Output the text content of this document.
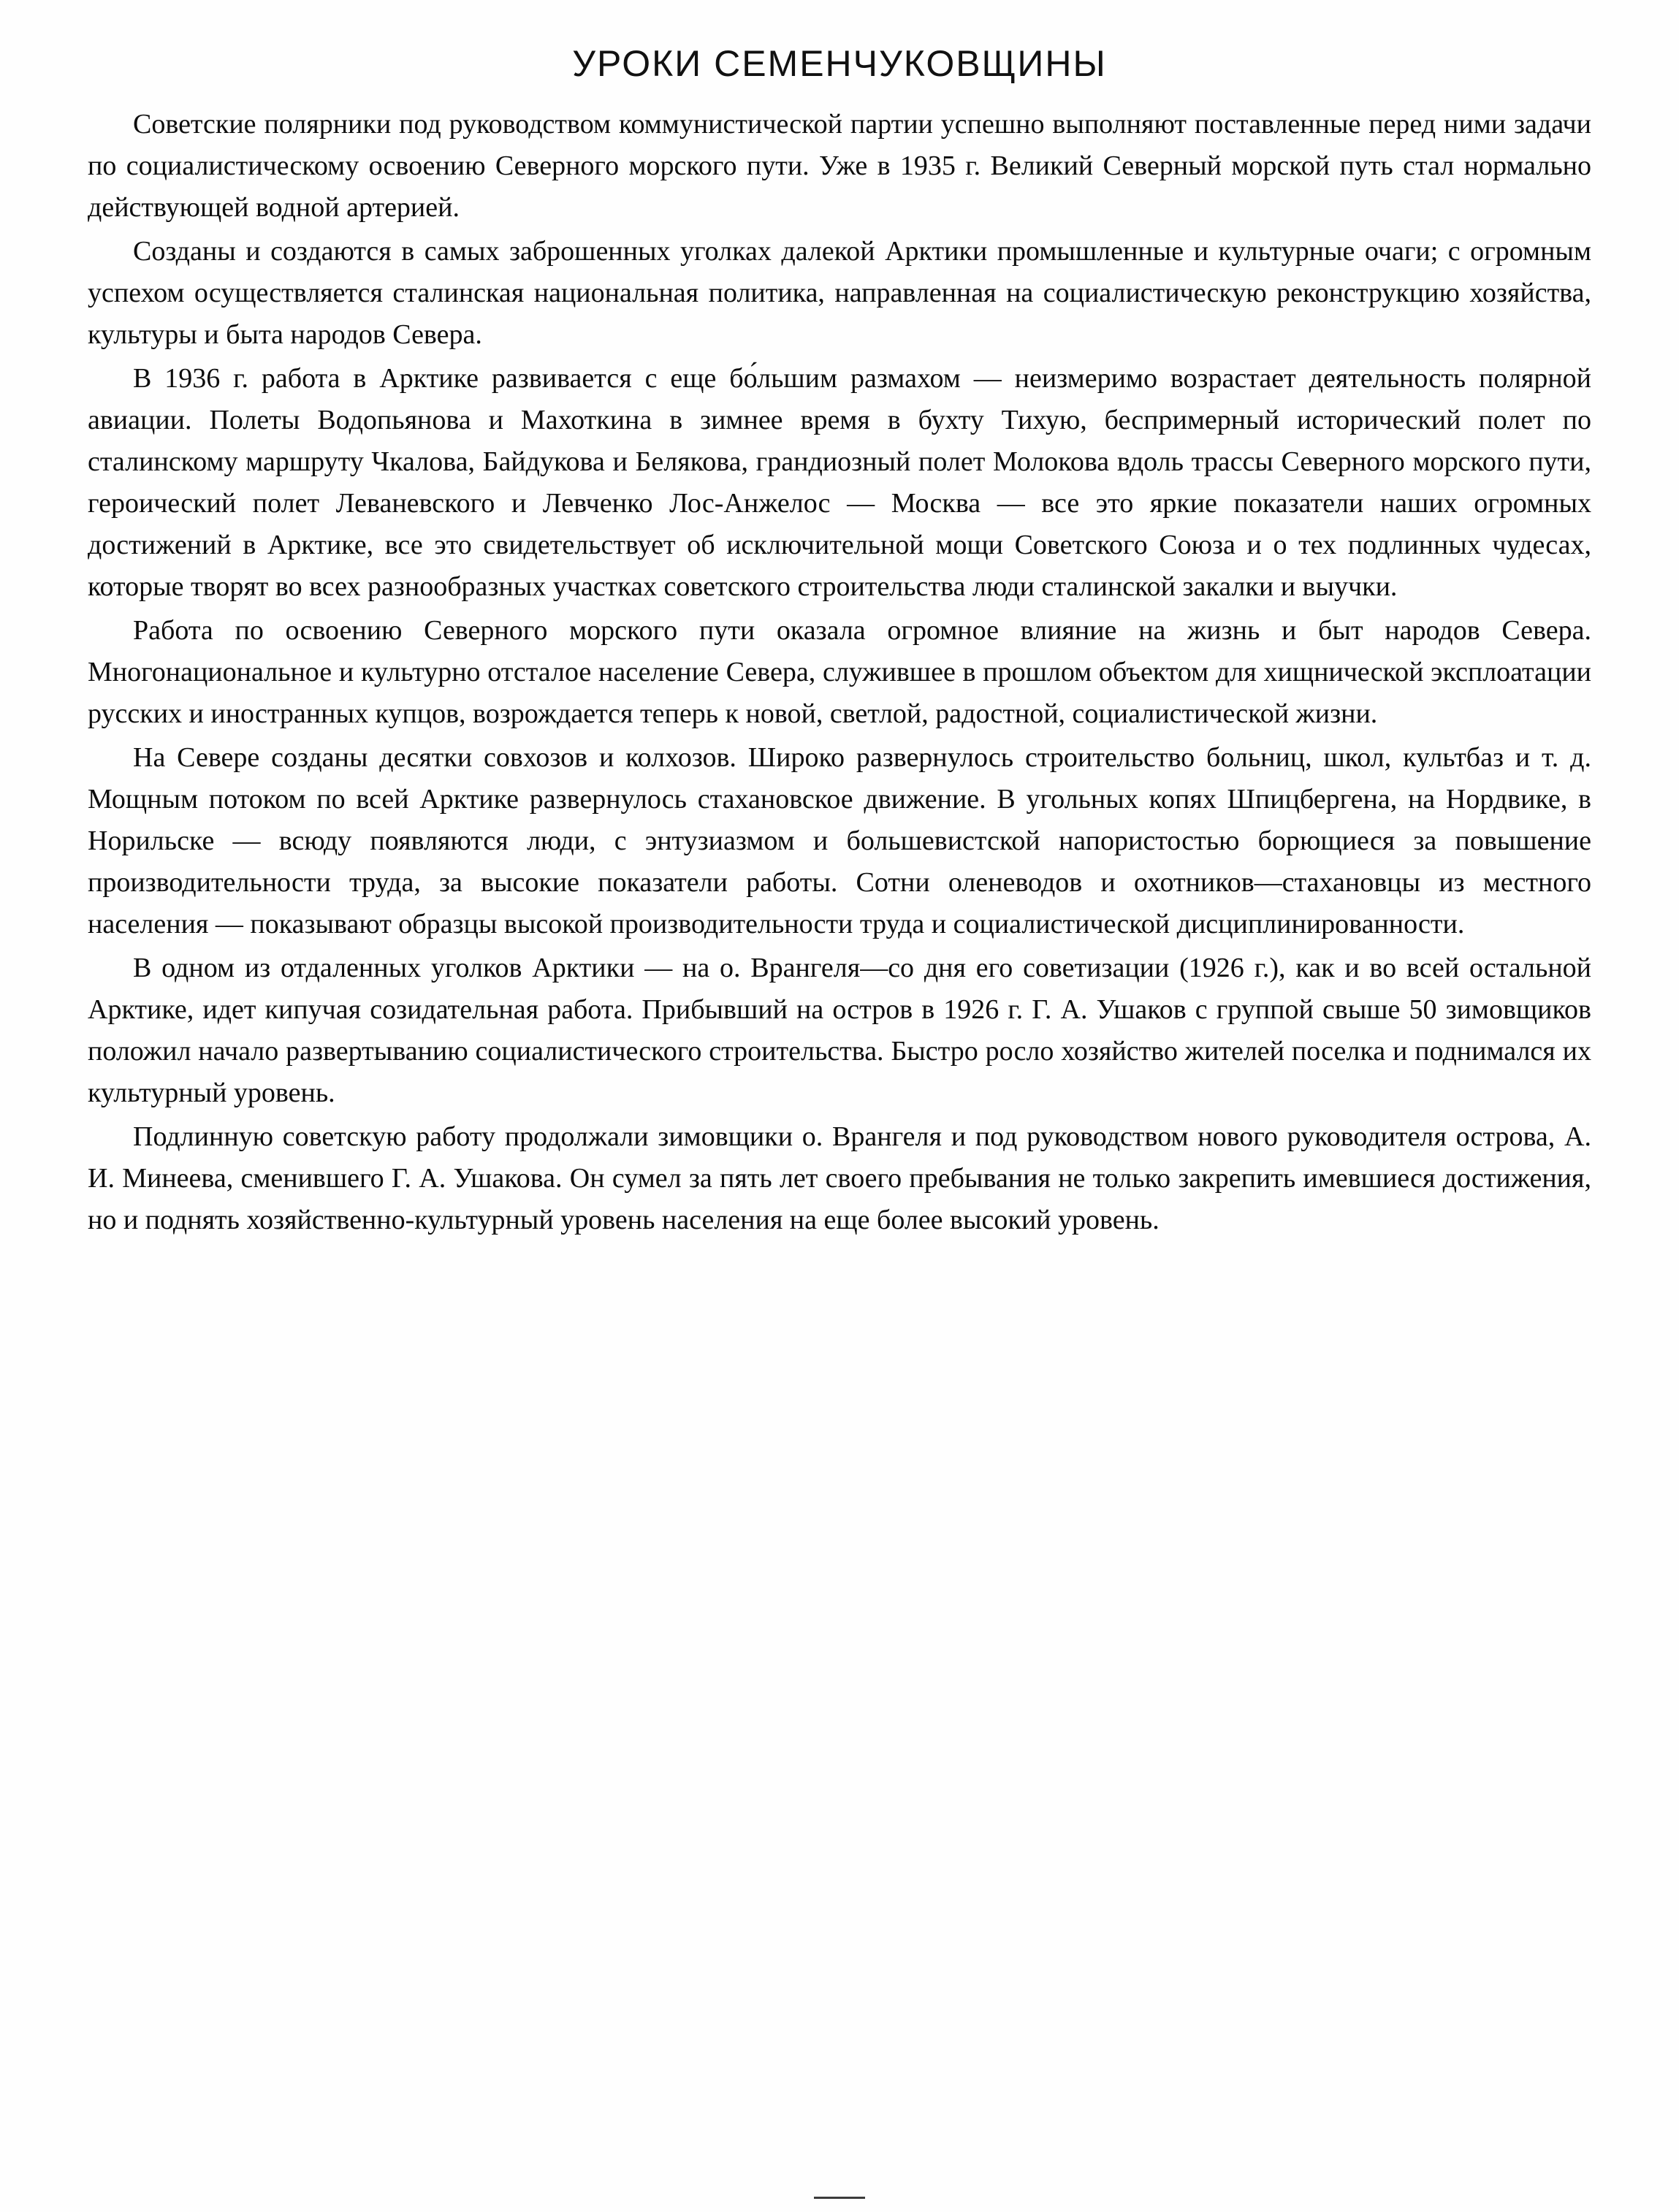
УРОКИ СЕМЕНЧУКОВЩИНЫ

Советские полярники под руководством коммунистической партии успешно выполняют поставленные перед ними задачи по социалистическому освоению Северного морского пути. Уже в 1935 г. Великий Северный морской путь стал нормально действующей водной артерией.

Созданы и создаются в самых заброшенных уголках далекой Арктики промышленные и культурные очаги; с огромным успехом осуществляется сталинская национальная политика, направленная на социалистическую реконструкцию хозяйства, культуры и быта народов Севера.

В 1936 г. работа в Арктике развивается с еще бо́льшим размахом — неизмеримо возрастает деятельность полярной авиации. Полеты Водопьянова и Махоткина в зимнее время в бухту Тихую, беспримерный исторический полет по сталинскому маршруту Чкалова, Байдукова и Белякова, грандиозный полет Молокова вдоль трассы Северного морского пути, героический полет Леваневского и Левченко Лос-Анжелос — Москва — все это яркие показатели наших огромных достижений в Арктике, все это свидетельствует об исключительной мощи Советского Союза и о тех подлинных чудесах, которые творят во всех разнообразных участках советского строительства люди сталинской закалки и выучки.

Работа по освоению Северного морского пути оказала огромное влияние на жизнь и быт народов Севера. Многонациональное и культурно отсталое население Севера, служившее в прошлом объектом для хищнической эксплоатации русских и иностранных купцов, возрождается теперь к новой, светлой, радостной, социалистической жизни.

На Севере созданы десятки совхозов и колхозов. Широко развернулось строительство больниц, школ, культбаз и т. д. Мощным потоком по всей Арктике развернулось стахановское движение. В угольных копях Шпицбергена, на Нордвике, в Норильске — всюду появляются люди, с энтузиазмом и большевистской напористостью борющиеся за повышение производительности труда, за высокие показатели работы. Сотни оленеводов и охотников—стахановцы из местного населения — показывают образцы высокой производительности труда и социалистической дисциплинированности.

В одном из отдаленных уголков Арктики — на о. Врангеля—со дня его советизации (1926 г.), как и во всей остальной Арктике, идет кипучая созидательная работа. Прибывший на остров в 1926 г. Г. А. Ушаков с группой свыше 50 зимовщиков положил начало развертыванию социалистического строительства. Быстро росло хозяйство жителей поселка и поднимался их культурный уровень.

Подлинную советскую работу продолжали зимовщики о. Врангеля и под руководством нового руководителя острова, А. И. Минеева, сменившего Г. А. Ушакова. Он сумел за пять лет своего пребывания не только закрепить имевшиеся достижения, но и поднять хозяйственно-культурный уровень населения на еще более высокий уровень.
